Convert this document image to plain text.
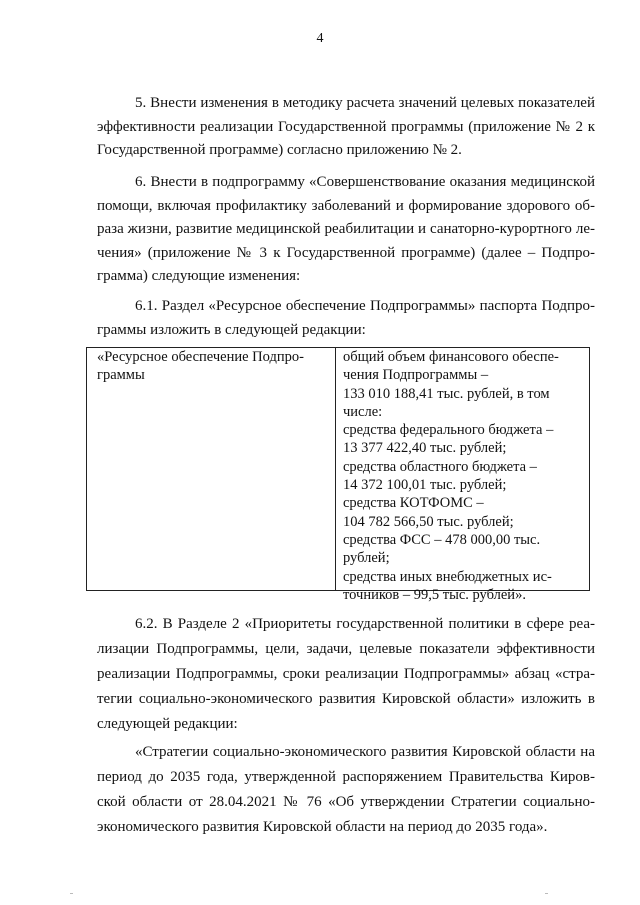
4
5. Внести изменения в методику расчета значений целевых показателей
эффективности реализации Государственной программы (приложение № 2 к
Государственной программе) согласно приложению № 2.
6. Внести в подпрограмму «Совершенствование оказания медицинской
помощи, включая профилактику заболеваний и формирование здорового об-
раза жизни, развитие медицинской реабилитации и санаторно-курортного ле-
чения» (приложение № 3 к Государственной программе) (далее – Подпро-
грамма) следующие изменения:
6.1. Раздел «Ресурсное обеспечение Подпрограммы» паспорта Подпро-
граммы изложить в следующей редакции:
«Ресурсное обеспечение Подпро-
граммы
общий объем финансового обеспе-
чения Подпрограммы –
133 010 188,41 тыс. рублей, в том
числе:
средства федерального бюджета –
13 377 422,40 тыс. рублей;
средства областного бюджета –
14 372 100,01 тыс. рублей;
средства КОТФОМС –
104 782 566,50 тыс. рублей;
средства ФСС – 478 000,00 тыс.
рублей;
средства иных внебюджетных ис-
точников – 99,5 тыс. рублей».
6.2. В Разделе 2 «Приоритеты государственной политики в сфере реа-
лизации Подпрограммы, цели, задачи, целевые показатели эффективности
реализации Подпрограммы, сроки реализации Подпрограммы» абзац «стра-
тегии социально-экономического развития Кировской области» изложить в
следующей редакции:
«Стратегии социально-экономического развития Кировской области на
период до 2035 года, утвержденной распоряжением Правительства Киров-
ской области от 28.04.2021 № 76 «Об утверждении Стратегии социально-
экономического развития Кировской области на период до 2035 года».
